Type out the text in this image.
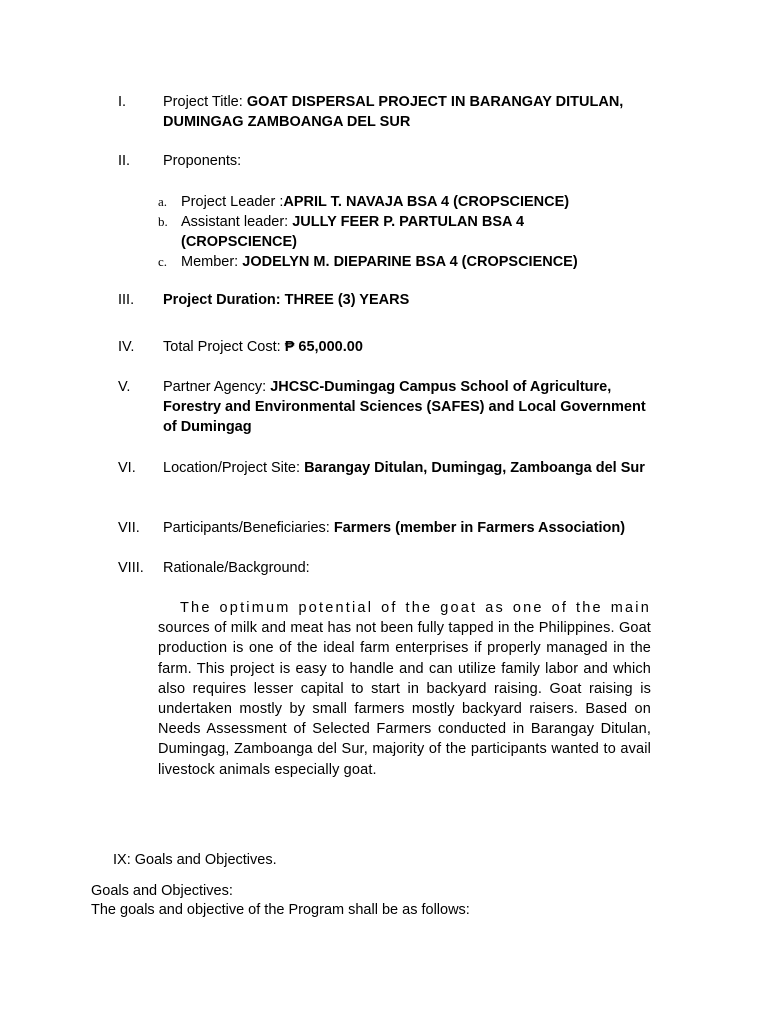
I.	Project Title: GOAT DISPERSAL PROJECT IN BARANGAY DITULAN, DUMINGAG ZAMBOANGA DEL SUR
II. Proponents:
a. Project Leader :APRIL T. NAVAJA BSA 4 (CROPSCIENCE)
b. Assistant leader: JULLY FEER P. PARTULAN BSA 4 (CROPSCIENCE)
c. Member: JODELYN M. DIEPARINE BSA 4 (CROPSCIENCE)
III. Project Duration: THREE (3) YEARS
IV. Total Project Cost: ₱ 65,000.00
V. Partner Agency: JHCSC-Dumingag Campus School of Agriculture, Forestry and Environmental Sciences (SAFES) and Local Government of Dumingag
VI. Location/Project Site: Barangay Ditulan, Dumingag, Zamboanga del Sur
VII. Participants/Beneficiaries: Farmers (member in Farmers Association)
VIII. Rationale/Background:
The optimum potential of the goat as one of the main sources of milk and meat has not been fully tapped in the Philippines. Goat production is one of the ideal farm enterprises if properly managed in the farm. This project is easy to handle and can utilize family labor and which also requires lesser capital to start in backyard raising. Goat raising is undertaken mostly by small farmers mostly backyard raisers. Based on Needs Assessment of Selected Farmers conducted in Barangay Ditulan, Dumingag, Zamboanga del Sur, majority of the participants wanted to avail livestock animals especially goat.
IX: Goals and Objectives.
Goals and Objectives:
The goals and objective of the Program shall be as follows:
